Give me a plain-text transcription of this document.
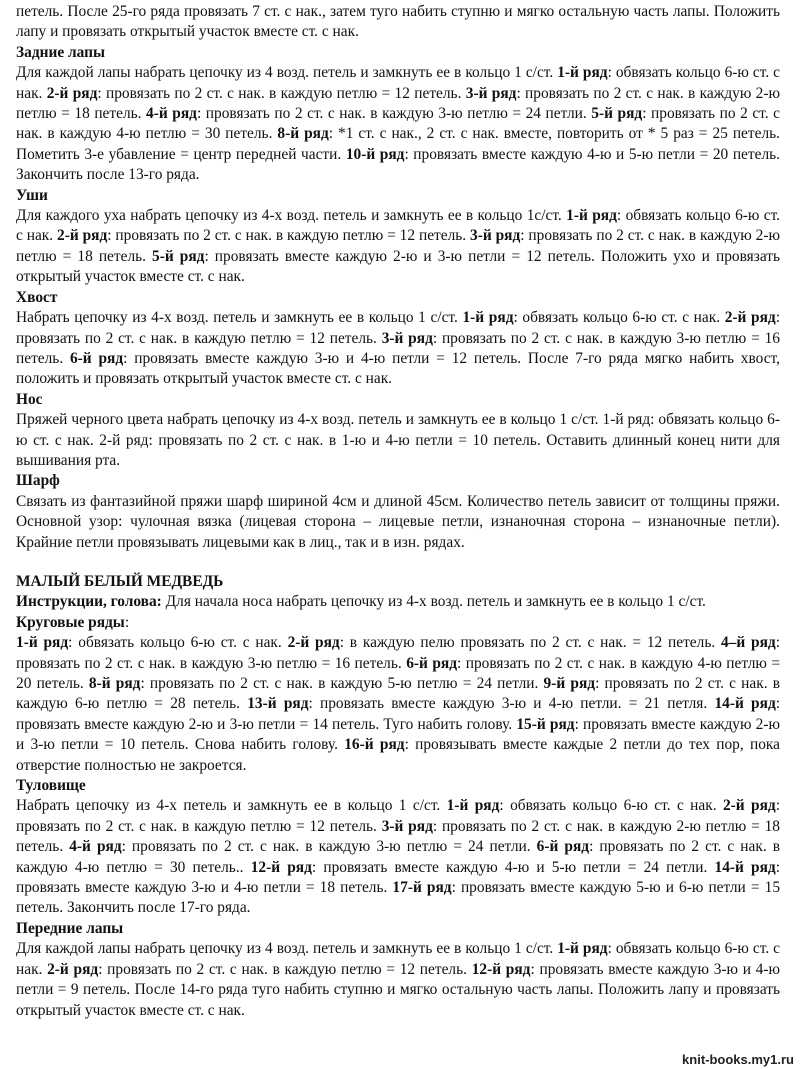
петель. После 25-го ряда провязать 7 ст. с нак., затем туго набить ступню и мягко остальную часть лапы. Положить лапу и провязать открытый участок вместе ст. с нак.

Задние лапы

Для каждой лапы набрать цепочку из 4 возд. петель и замкнуть ее в кольцо 1 с/ст. 1-й ряд: обвязать кольцо 6-ю ст. с нак. 2-й ряд: провязать по 2 ст. с нак. в каждую петлю = 12 петель. 3-й ряд: провязать по 2 ст. с нак. в каждую 2-ю петлю = 18 петель. 4-й ряд: провязать по 2 ст. с нак. в каждую 3-ю петлю = 24 петли. 5-й ряд: провязать по 2 ст. с нак. в каждую 4-ю петлю = 30 петель. 8-й ряд: *1 ст. с нак., 2 ст. с нак. вместе, повторить от * 5 раз = 25 петель. Пометить 3-е убавление = центр передней части. 10-й ряд: провязать вместе каждую 4-ю и 5-ю петли = 20 петель. Закончить после 13-го ряда.

Уши

Для каждого уха набрать цепочку из 4-х возд. петель и замкнуть ее в кольцо 1с/ст. 1-й ряд: обвязать кольцо 6-ю ст. с нак. 2-й ряд: провязать по 2 ст. с нак. в каждую петлю = 12 петель. 3-й ряд: провязать по 2 ст. с нак. в каждую 2-ю петлю = 18 петель. 5-й ряд: провязать вместе каждую 2-ю и 3-ю петли = 12 петель. Положить ухо и провязать открытый участок вместе ст. с нак.

Хвост

Набрать цепочку из 4-х возд. петель и замкнуть ее в кольцо 1 с/ст. 1-й ряд: обвязать кольцо 6-ю ст. с нак. 2-й ряд: провязать по 2 ст. с нак. в каждую петлю = 12 петель. 3-й ряд: провязать по 2 ст. с нак. в каждую 3-ю петлю = 16 петель. 6-й ряд: провязать вместе каждую 3-ю и 4-ю петли = 12 петель. После 7-го ряда мягко набить хвост, положить и провязать открытый участок вместе ст. с нак.

Нос

Пряжей черного цвета набрать цепочку из 4-х возд. петель и замкнуть ее в кольцо 1 с/ст. 1-й ряд: обвязать кольцо 6-ю ст. с нак. 2-й ряд: провязать по 2 ст. с нак. в 1-ю и 4-ю петли = 10 петель. Оставить длинный конец нити для вышивания рта.

Шарф

Связать из фантазийной пряжи шарф шириной 4см и длиной 45см. Количество петель зависит от толщины пряжи. Основной узор: чулочная вязка (лицевая сторона – лицевые петли, изнаночная сторона – изнаночные петли). Крайние петли провязывать лицевыми как в лиц., так и в изн. рядах.

МАЛЫЙ БЕЛЫЙ МЕДВЕДЬ

Инструкции, голова: Для начала носа набрать цепочку из 4-х возд. петель и замкнуть ее в кольцо 1 с/ст.

Круговые ряды:

1-й ряд: обвязать кольцо 6-ю ст. с нак. 2-й ряд: в каждую пелю провязать по 2 ст. с нак. = 12 петель. 4–й ряд: провязать по 2 ст. с нак. в каждую 3-ю петлю = 16 петель. 6-й ряд: провязать по 2 ст. с нак. в каждую 4-ю петлю = 20 петель. 8-й ряд: провязать по 2 ст. с нак. в каждую 5-ю петлю = 24 петли. 9-й ряд: провязать по 2 ст. с нак. в каждую 6-ю петлю = 28 петель. 13-й ряд: провязать вместе каждую 3-ю и 4-ю петли. = 21 петля. 14-й ряд: провязать вместе каждую 2-ю и 3-ю петли = 14 петель. Туго набить голову. 15-й ряд: провязать вместе каждую 2-ю и 3-ю петли = 10 петель. Снова набить голову. 16-й ряд: провязывать вместе каждые 2 петли до тех пор, пока отверстие полностью не закроется.

Туловище

Набрать цепочку из 4-х петель и замкнуть ее в кольцо 1 с/ст. 1-й ряд: обвязать кольцо 6-ю ст. с нак. 2-й ряд: провязать по 2 ст. с нак. в каждую петлю = 12 петель. 3-й ряд: провязать по 2 ст. с нак. в каждую 2-ю петлю = 18 петель. 4-й ряд: провязать по 2 ст. с нак. в каждую 3-ю петлю = 24 петли. 6-й ряд: провязать по 2 ст. с нак. в каждую 4-ю петлю = 30 петель.. 12-й ряд: провязать вместе каждую 4-ю и 5-ю петли = 24 петли. 14-й ряд: провязать вместе каждую 3-ю и 4-ю петли = 18 петель. 17-й ряд: провязать вместе каждую 5-ю и 6-ю петли = 15 петель. Закончить после 17-го ряда.

Передние лапы

Для каждой лапы набрать цепочку из 4 возд. петель и замкнуть ее в кольцо 1 с/ст. 1-й ряд: обвязать кольцо 6-ю ст. с нак. 2-й ряд: провязать по 2 ст. с нак. в каждую петлю = 12 петель. 12-й ряд: провязать вместе каждую 3-ю и 4-ю петли = 9 петель. После 14-го ряда туго набить ступню и мягко остальную часть лапы. Положить лапу и провязать открытый участок вместе ст. с нак.

knit-books.my1.ru
